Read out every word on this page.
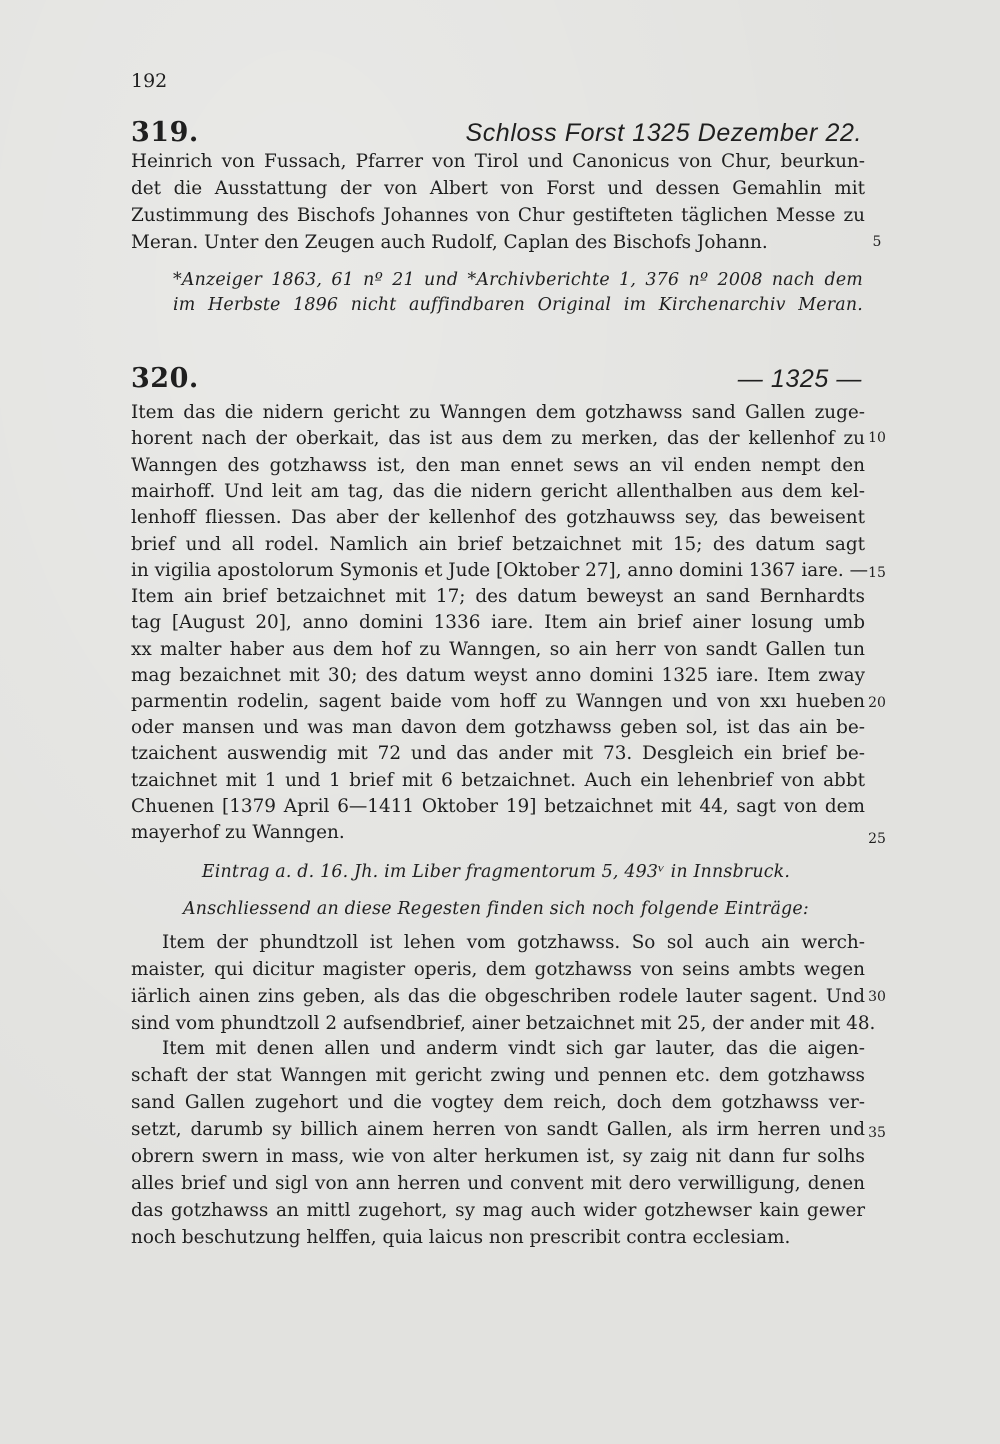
192
319.	Schloss Forst 1325 Dezember 22.
Heinrich von Fussach, Pfarrer von Tirol und Canonicus von Chur, beurkun-
det die Ausstattung der von Albert von Forst und dessen Gemahlin mit
Zustimmung des Bischofs Johannes von Chur gestifteten täglichen Messe zu
Meran. Unter den Zeugen auch Rudolf, Caplan des Bischofs Johann.	5
*Anzeiger 1863, 61 nº 21 und *Archivberichte 1, 376 nº 2008 nach dem
im Herbste 1896 nicht auffindbaren Original im Kirchenarchiv Meran.
320.	— 1325 —
Item das die nidern gericht zu Wanngen dem gotzhawss sand Gallen zuge-
horent nach der oberkait, das ist aus dem zu merken, das der kellenhof zu 10
Wanngen des gotzhawss ist, den man ennet sews an vil enden nempt den
mairhoff. Und leit am tag, das die nidern gericht allenthalben aus dem kel-
lenhoff fliessen. Das aber der kellenhof des gotzhauwss sey, das beweisent
brief und all rodel. Namlich ain brief betzaichnet mit 15; des datum sagt
in vigilia apostolorum Symonis et Jude [Oktober 27], anno domini 1367 iare. — 15
Item ain brief betzaichnet mit 17; des datum beweyst an sand Bernhardts
tag [August 20], anno domini 1336 iare. Item ain brief ainer losung umb
xx malter haber aus dem hof zu Wanngen, so ain herr von sandt Gallen tun
mag bezaichnet mit 30; des datum weyst anno domini 1325 iare. Item zway
parmentin rodelin, sagent baide vom hoff zu Wanngen und von xxı hueben 20
oder mansen und was man davon dem gotzhawss geben sol, ist das ain be-
tzaichent auswendig mit 72 und das ander mit 73. Desgleich ein brief be-
tzaichnet mit 1 und 1 brief mit 6 betzaichnet. Auch ein lehenbrief von abbt
Chuenen [1379 April 6—1411 Oktober 19] betzaichnet mit 44, sagt von dem
mayerhof zu Wanngen.	25
Eintrag a. d. 16. Jh. im Liber fragmentorum 5, 493ᵛ in Innsbruck.
Anschliessend an diese Regesten finden sich noch folgende Einträge:
Item der phundtzoll ist lehen vom gotzhawss. So sol auch ain werch-
maister, qui dicitur magister operis, dem gotzhawss von seins ambts wegen
iärlich ainen zins geben, als das die obgeschriben rodele lauter sagent. Und 30
sind vom phundtzoll 2 aufsendbrief, ainer betzaichnet mit 25, der ander mit 48.
Item mit denen allen und anderm vindt sich gar lauter, das die aigen-
schaft der stat Wanngen mit gericht zwing und pennen etc. dem gotzhawss
sand Gallen zugehort und die vogtey dem reich, doch dem gotzhawss ver-
setzt, darumb sy billich ainem herren von sandt Gallen, als irm herren und 35
obrern swern in mass, wie von alter herkumen ist, sy zaig nit dann fur solhs
alles brief und sigl von ann herren und convent mit dero verwilligung, denen
das gotzhawss an mittl zugehort, sy mag auch wider gotzhewser kain gewer
noch beschutzung helffen, quia laicus non prescribit contra ecclesiam.
